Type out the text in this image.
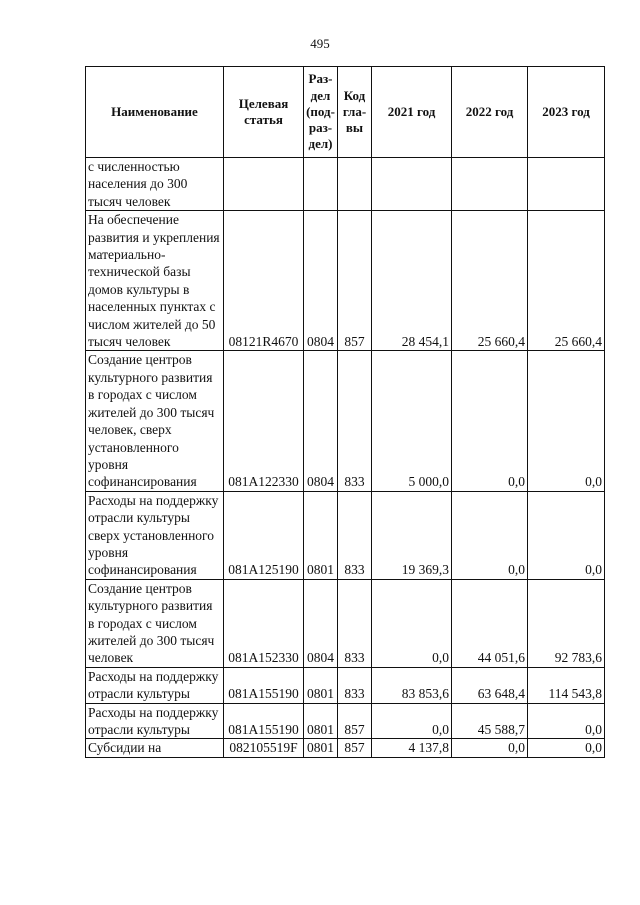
495
Наименование	Целевая статья	Раз-дел (под-раз-дел)	Код гла-вы	2021 год	2022 год	2023 год
с численностью населения до 300 тысяч человек						
На обеспечение развития и укрепления материально-технической базы домов культуры в населенных пунктах с числом жителей до 50 тысяч человек	08121R4670	0804	857	28 454,1	25 660,4	25 660,4
Создание центров культурного развития в городах с числом жителей до 300 тысяч человек, сверх установленного уровня софинансирования	081A122330	0804	833	5 000,0	0,0	0,0
Расходы на поддержку отрасли культуры сверх установленного уровня софинансирования	081A125190	0801	833	19 369,3	0,0	0,0
Создание центров культурного развития в городах с числом жителей до 300 тысяч человек	081A152330	0804	833	0,0	44 051,6	92 783,6
Расходы на поддержку отрасли культуры	081A155190	0801	833	83 853,6	63 648,4	114 543,8
Расходы на поддержку отрасли культуры	081A155190	0801	857	0,0	45 588,7	0,0
Субсидии на	082105519F	0801	857	4 137,8	0,0	0,0
